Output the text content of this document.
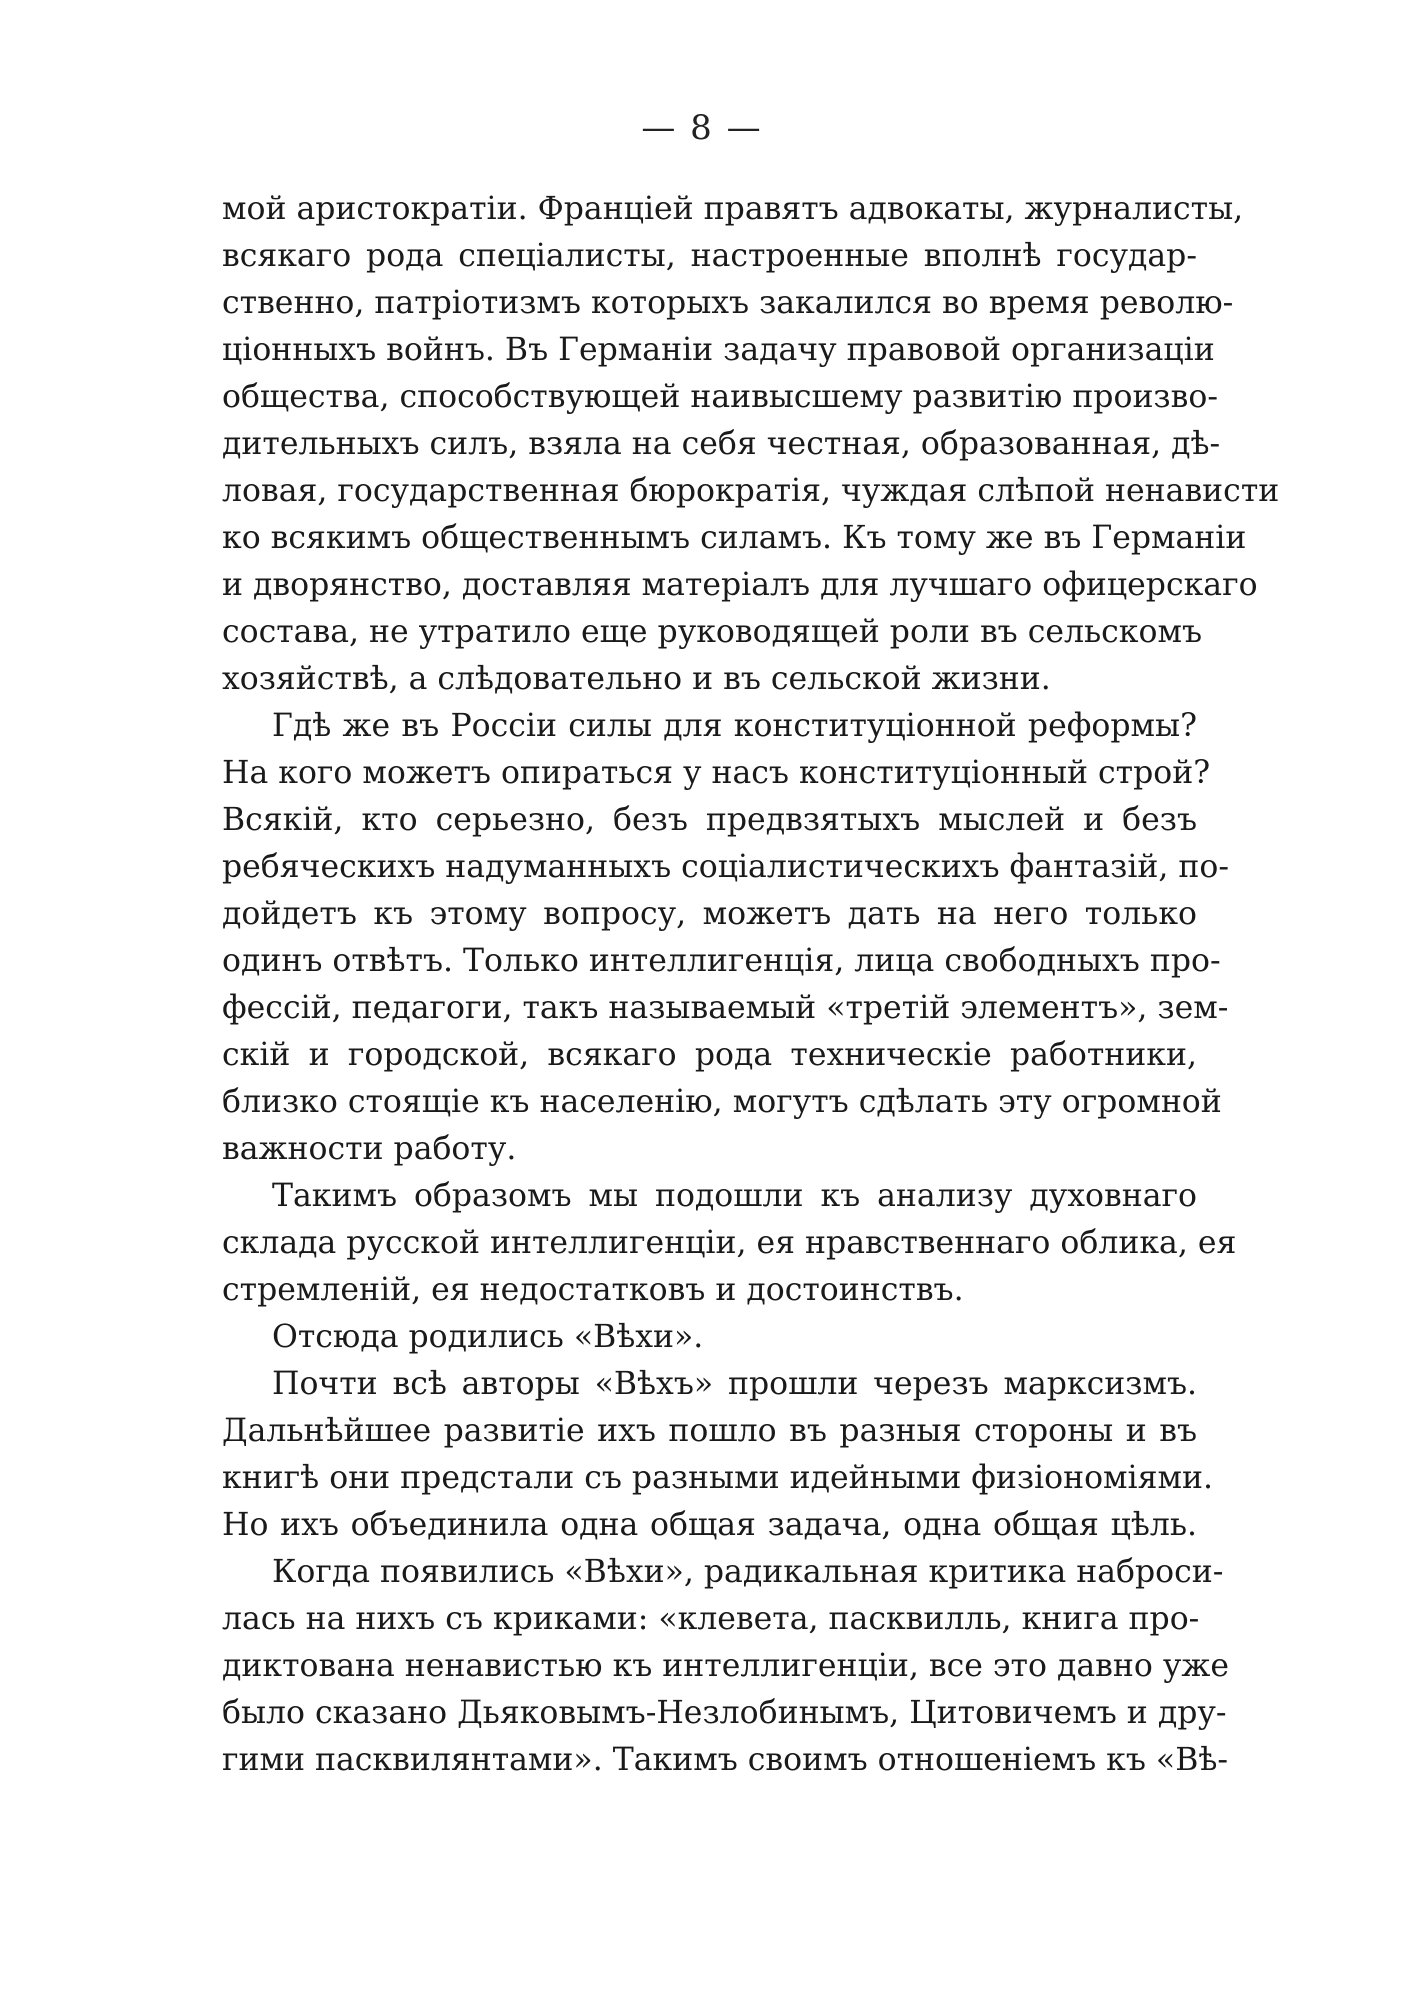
— 8 —
мой аристократіи. Франціей правятъ адвокаты, журналисты,
всякаго рода спеціалисты, настроенные вполнѣ государ-
ственно, патріотизмъ которыхъ закалился во время револю-
ціонныхъ войнъ. Въ Германіи задачу правовой организаціи
общества, способствующей наивысшему развитію произво-
дительныхъ силъ, взяла на себя честная, образованная, дѣ-
ловая, государственная бюрократія, чуждая слѣпой ненависти
ко всякимъ общественнымъ силамъ. Къ тому же въ Германіи
и дворянство, доставляя матеріалъ для лучшаго офицерскаго
состава, не утратило еще руководящей роли въ сельскомъ
хозяйствѣ, а слѣдовательно и въ сельской жизни.
Гдѣ же въ Россіи силы для конституціонной реформы?
На кого можетъ опираться у насъ конституціонный строй?
Всякій, кто серьезно, безъ предвзятыхъ мыслей и безъ
ребяческихъ надуманныхъ соціалистическихъ фантазій, по-
дойдетъ къ этому вопросу, можетъ дать на него только
одинъ отвѣтъ. Только интеллигенція, лица свободныхъ про-
фессій, педагоги, такъ называемый «третій элементъ», зем-
скій и городской, всякаго рода техническіе работники,
близко стоящіе къ населенію, могутъ сдѣлать эту огромной
важности работу.
Такимъ образомъ мы подошли къ анализу духовнаго
склада русской интеллигенціи, ея нравственнаго облика, ея
стремленій, ея недостатковъ и достоинствъ.
Отсюда родились «Вѣхи».
Почти всѣ авторы «Вѣхъ» прошли черезъ марксизмъ.
Дальнѣйшее развитіе ихъ пошло въ разныя стороны и въ
книгѣ они предстали съ разными идейными физіономіями.
Но ихъ объединила одна общая задача, одна общая цѣль.
Когда появились «Вѣхи», радикальная критика наброси-
лась на нихъ съ криками: «клевета, пасквилль, книга про-
диктована ненавистью къ интеллигенціи, все это давно уже
было сказано Дьяковымъ-Незлобинымъ, Цитовичемъ и дру-
гими пасквилянтами». Такимъ своимъ отношеніемъ къ «Вѣ-
